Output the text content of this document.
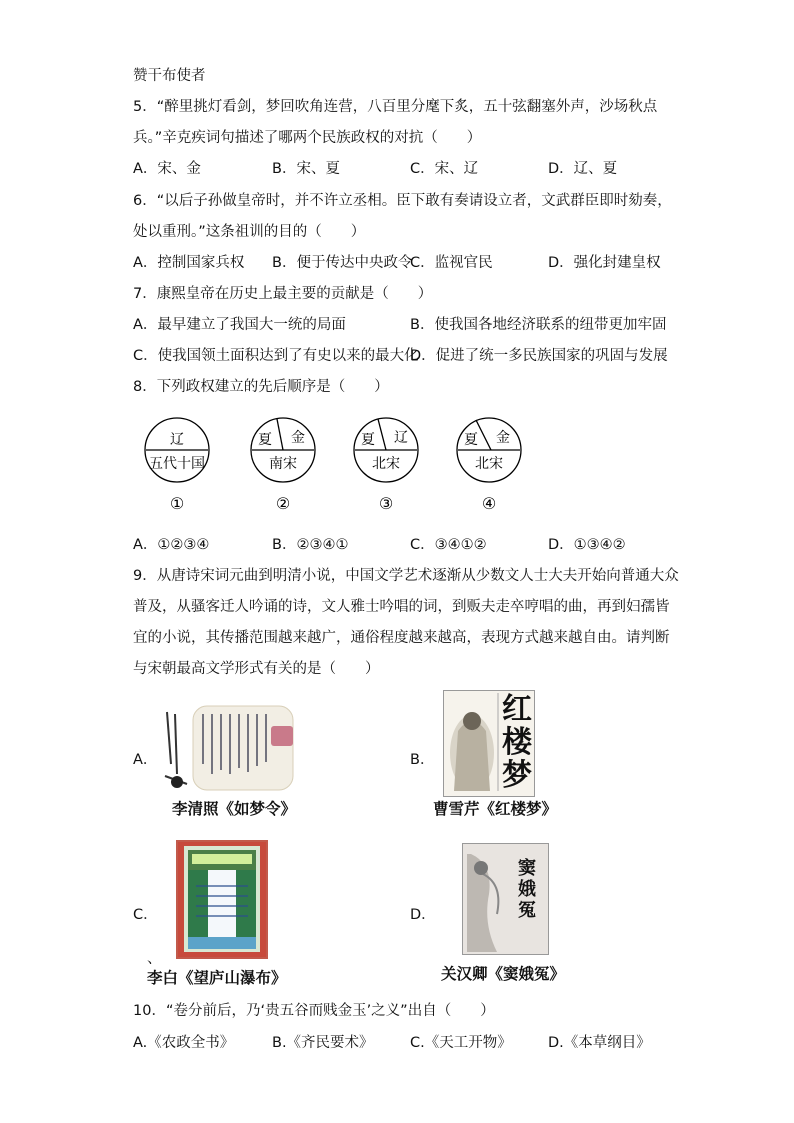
赞干布使者
5．“醉里挑灯看剑，梦回吹角连营，八百里分麾下炙，五十弦翻塞外声，沙场秋点
兵。”辛克疾词句描述了哪两个民族政权的对抗（　　）
A．宋、金	B．宋、夏	C．宋、辽	D．辽、夏
6．“以后子孙做皇帝时，并不许立丞相。臣下敢有奏请设立者，文武群臣即时劾奏，
处以重刑。”这条祖训的目的（　　）
A．控制国家兵权 B．便于传达中央政令
C．监视官民	D．强化封建皇权
7．康熙皇帝在历史上最主要的贡献是（　　）
A．最早建立了我国大一统的局面	B．使我国各地经济联系的纽带更加牢固
C．使我国领土面积达到了有史以来的最大化
D．促进了统一多民族国家的巩固与发展
8．下列政权建立的先后顺序是（　　）
辽
五代十国
①
夏 金
南宋
②
夏 辽
北宋
③
夏 金
北宋
④
A．①②③④	B．②③④①	C．③④①②	D．①③④②
9．从唐诗宋词元曲到明清小说，中国文学艺术逐渐从少数文人士大夫开始向普通大众
普及，从骚客迁人吟诵的诗，文人雅士吟唱的词，到贩夫走卒哼唱的曲，再到妇孺皆
宜的小说，其传播范围越来越广，通俗程度越来越高，表现方式越来越自由。请判断
与宋朝最高文学形式有关的是（　　）
A．
李清照《如梦令》
B．
红
楼
梦
曹雪芹《红楼梦》
C．
、
李白《望庐山瀑布》
D．
窦娥冤
关汉卿《窦娥冤》
10．“卷分前后，乃‘贵五谷而贱金玉’之义”出自（　　）
A.《农政全书》	B.《齐民要术》	C.《天工开物》	D.《本草纲目》
